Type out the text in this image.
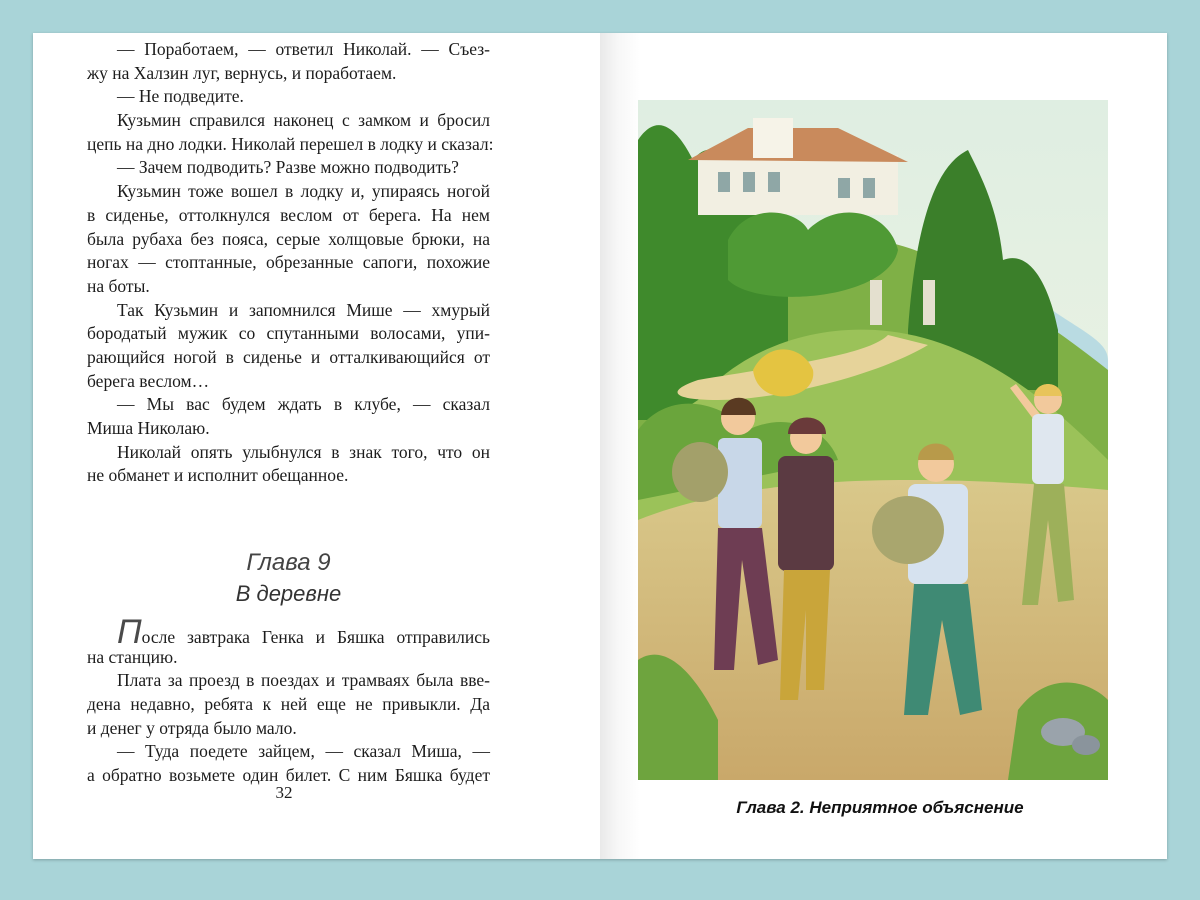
— Поработаем, — ответил Николай. — Съез-
жу на Халзин луг, вернусь, и поработаем.
— Не подведите.
Кузьмин справился наконец с замком и бросил
цепь на дно лодки. Николай перешел в лодку и сказал:
— Зачем подводить? Разве можно подводить?
Кузьмин тоже вошел в лодку и, упираясь ногой
в сиденье, оттолкнулся веслом от берега. На нем
была рубаха без пояса, серые холщовые брюки, на
ногах — стоптанные, обрезанные сапоги, похожие
на боты.
Так Кузьмин и запомнился Мише — хмурый
бородатый мужик со спутанными волосами, упи-
рающийся ногой в сиденье и отталкивающийся от
берега веслом…
— Мы вас будем ждать в клубе, — сказал
Миша Николаю.
Николай опять улыбнулся в знак того, что он
не обманет и исполнит обещанное.
Глава 9
В деревне
После завтрака Генка и Бяшка отправились
на станцию.
Плата за проезд в поездах и трамваях была вве-
дена недавно, ребята к ней еще не привыкли. Да
и денег у отряда было мало.
— Туда поедете зайцем, — сказал Миша, —
а обратно возьмете один билет. С ним Бяшка будет
32
Глава 2. Неприятное объяснение
